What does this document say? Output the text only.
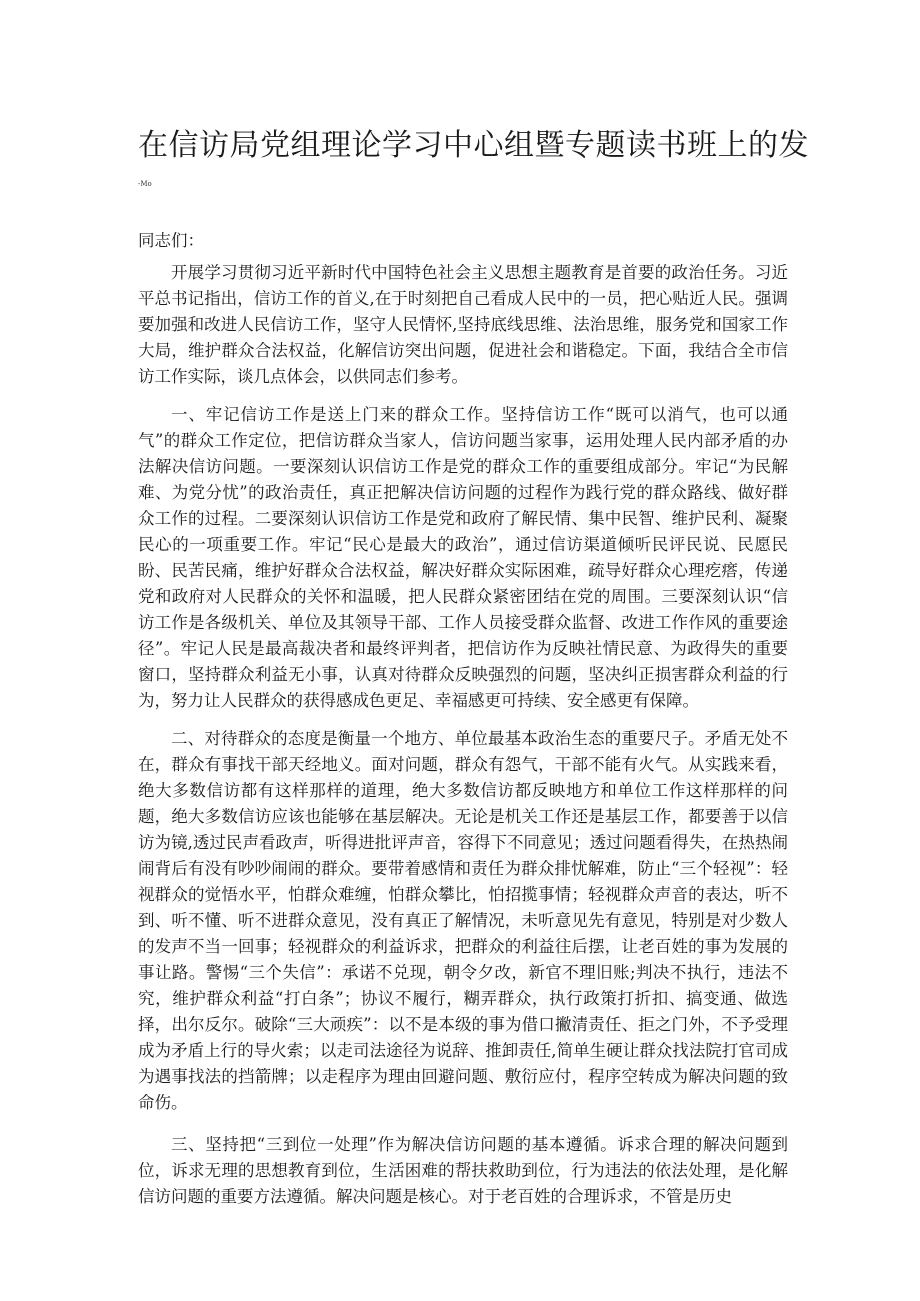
在信访局党组理论学习中心组暨专题读书班上的发
-Mo
同志们：

开展学习贯彻习近平新时代中国特色社会主义思想主题教育是首要的政治任务。习近平总书记指出，信访工作的首义,在于时刻把自己看成人民中的一员，把心贴近人民。强调要加强和改进人民信访工作，坚守人民情怀,坚持底线思维、法治思维，服务党和国家工作大局，维护群众合法权益，化解信访突出问题，促进社会和谐稳定。下面，我结合全市信访工作实际，谈几点体会，以供同志们参考。

一、牢记信访工作是送上门来的群众工作。坚持信访工作“既可以消气，也可以通气”的群众工作定位，把信访群众当家人，信访问题当家事，运用处理人民内部矛盾的办法解决信访问题。一要深刻认识信访工作是党的群众工作的重要组成部分。牢记“为民解难、为党分忧”的政治责任，真正把解决信访问题的过程作为践行党的群众路线、做好群众工作的过程。二要深刻认识信访工作是党和政府了解民情、集中民智、维护民利、凝聚民心的一项重要工作。牢记“民心是最大的政治”，通过信访渠道倾听民评民说、民愿民盼、民苦民痛，维护好群众合法权益，解决好群众实际困难，疏导好群众心理疙瘩，传递党和政府对人民群众的关怀和温暖，把人民群众紧密团结在党的周围。三要深刻认识“信访工作是各级机关、单位及其领导干部、工作人员接受群众监督、改进工作作风的重要途径”。牢记人民是最高裁决者和最终评判者，把信访作为反映社情民意、为政得失的重要窗口，坚持群众利益无小事，认真对待群众反映强烈的问题，坚决纠正损害群众利益的行为，努力让人民群众的获得感成色更足、幸福感更可持续、安全感更有保障。

二、对待群众的态度是衡量一个地方、单位最基本政治生态的重要尺子。矛盾无处不在，群众有事找干部天经地义。面对问题，群众有怨气，干部不能有火气。从实践来看，绝大多数信访都有这样那样的道理，绝大多数信访都反映地方和单位工作这样那样的问题，绝大多数信访应该也能够在基层解决。无论是机关工作还是基层工作，都要善于以信访为镜,透过民声看政声，听得进批评声音，容得下不同意见；透过问题看得失，在热热闹闹背后有没有吵吵闹闹的群众。要带着感情和责任为群众排忧解难，防止“三个轻视”：轻视群众的觉悟水平，怕群众难缠，怕群众攀比，怕招揽事情；轻视群众声音的表达，听不到、听不懂、听不进群众意见，没有真正了解情况，未听意见先有意见，特别是对少数人的发声不当一回事；轻视群众的利益诉求，把群众的利益往后摆，让老百姓的事为发展的事让路。警惕“三个失信”：承诺不兑现，朝令夕改，新官不理旧账;判决不执行，违法不究，维护群众利益“打白条”；协议不履行，糊弄群众，执行政策打折扣、搞变通、做选择，出尔反尔。破除“三大顽疾”：以不是本级的事为借口撇清责任、拒之门外，不予受理成为矛盾上行的导火索；以走司法途径为说辞、推卸责任,简单生硬让群众找法院打官司成为遇事找法的挡箭牌；以走程序为理由回避问题、敷衍应付，程序空转成为解决问题的致命伤。

三、坚持把“三到位一处理”作为解决信访问题的基本遵循。诉求合理的解决问题到位，诉求无理的思想教育到位，生活困难的帮扶救助到位，行为违法的依法处理，是化解信访问题的重要方法遵循。解决问题是核心。对于老百姓的合理诉求，不管是历史
